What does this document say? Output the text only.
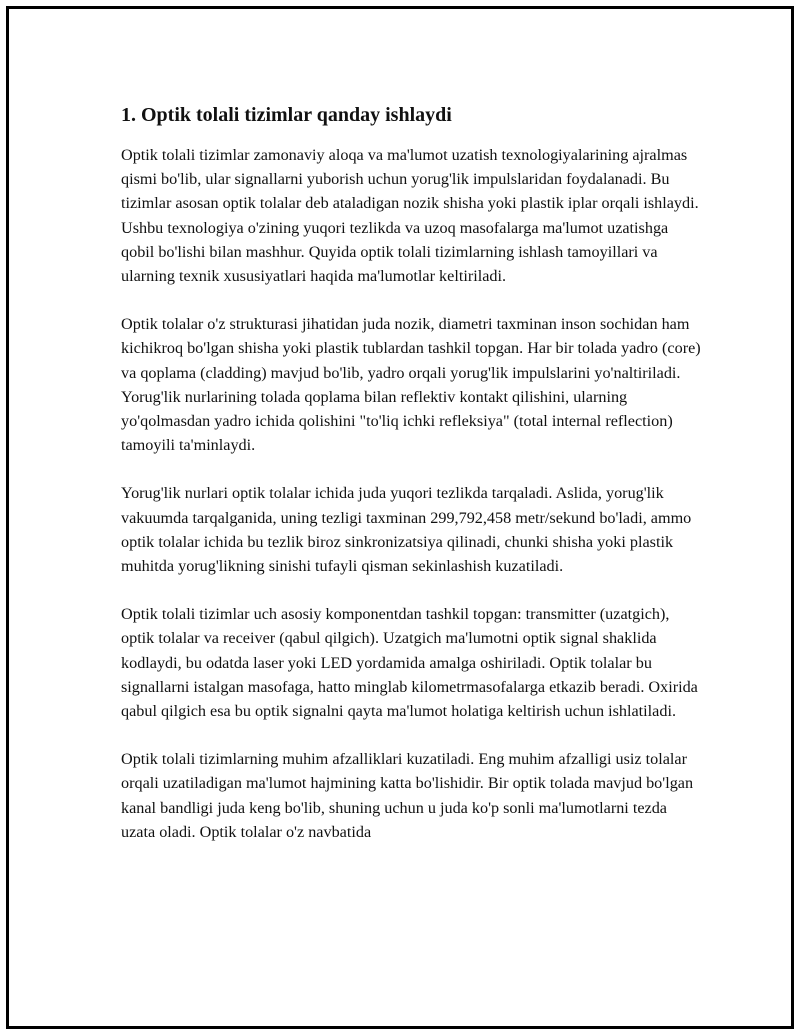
1. Optik tolali tizimlar qanday ishlaydi

Optik tolali tizimlar zamonaviy aloqa va ma'lumot uzatish texnologiyalarining ajralmas qismi bo'lib, ular signallarni yuborish uchun yorug'lik impulslaridan foydalanadi. Bu tizimlar asosan optik tolalar deb ataladigan nozik shisha yoki plastik iplar orqali ishlaydi. Ushbu texnologiya o'zining yuqori tezlikda va uzoq masofalarga ma'lumot uzatishga qobil bo'lishi bilan mashhur. Quyida optik tolali tizimlarning ishlash tamoyillari va ularning texnik xususiyatlari haqida ma'lumotlar keltiriladi.

Optik tolalar o'z strukturasi jihatidan juda nozik, diametri taxminan inson sochidan ham kichikroq bo'lgan shisha yoki plastik tublardan tashkil topgan. Har bir tolada yadro (core) va qoplama (cladding) mavjud bo'lib, yadro orqali yorug'lik impulslarini yo'naltiriladi. Yorug'lik nurlarining tolada qoplama bilan reflektiv kontakt qilishini, ularning yo'qolmasdan yadro ichida qolishini "to'liq ichki refleksiya" (total internal reflection) tamoyili ta'minlaydi.

Yorug'lik nurlari optik tolalar ichida juda yuqori tezlikda tarqaladi. Aslida, yorug'lik vakuumda tarqalganida, uning tezligi taxminan 299,792,458 metr/sekund bo'ladi, ammo optik tolalar ichida bu tezlik biroz sinkronizatsiya qilinadi, chunki shisha yoki plastik muhitda yorug'likning sinishi tufayli qisman sekinlashish kuzatiladi.

Optik tolali tizimlar uch asosiy komponentdan tashkil topgan: transmitter (uzatgich), optik tolalar va receiver (qabul qilgich). Uzatgich ma'lumotni optik signal shaklida kodlaydi, bu odatda laser yoki LED yordamida amalga oshiriladi. Optik tolalar bu signallarni istalgan masofaga, hatto minglab kilometrmasofalarga etkazib beradi. Oxirida qabul qilgich esa bu optik signalni qayta ma'lumot holatiga keltirish uchun ishlatiladi.

Optik tolali tizimlarning muhim afzalliklari kuzatiladi. Eng muhim afzalligi usiz tolalar orqali uzatiladigan ma'lumot hajmining katta bo'lishidir. Bir optik tolada mavjud bo'lgan kanal bandligi juda keng bo'lib, shuning uchun u juda ko'p sonli ma'lumotlarni tezda uzata oladi. Optik tolalar o'z navbatida
